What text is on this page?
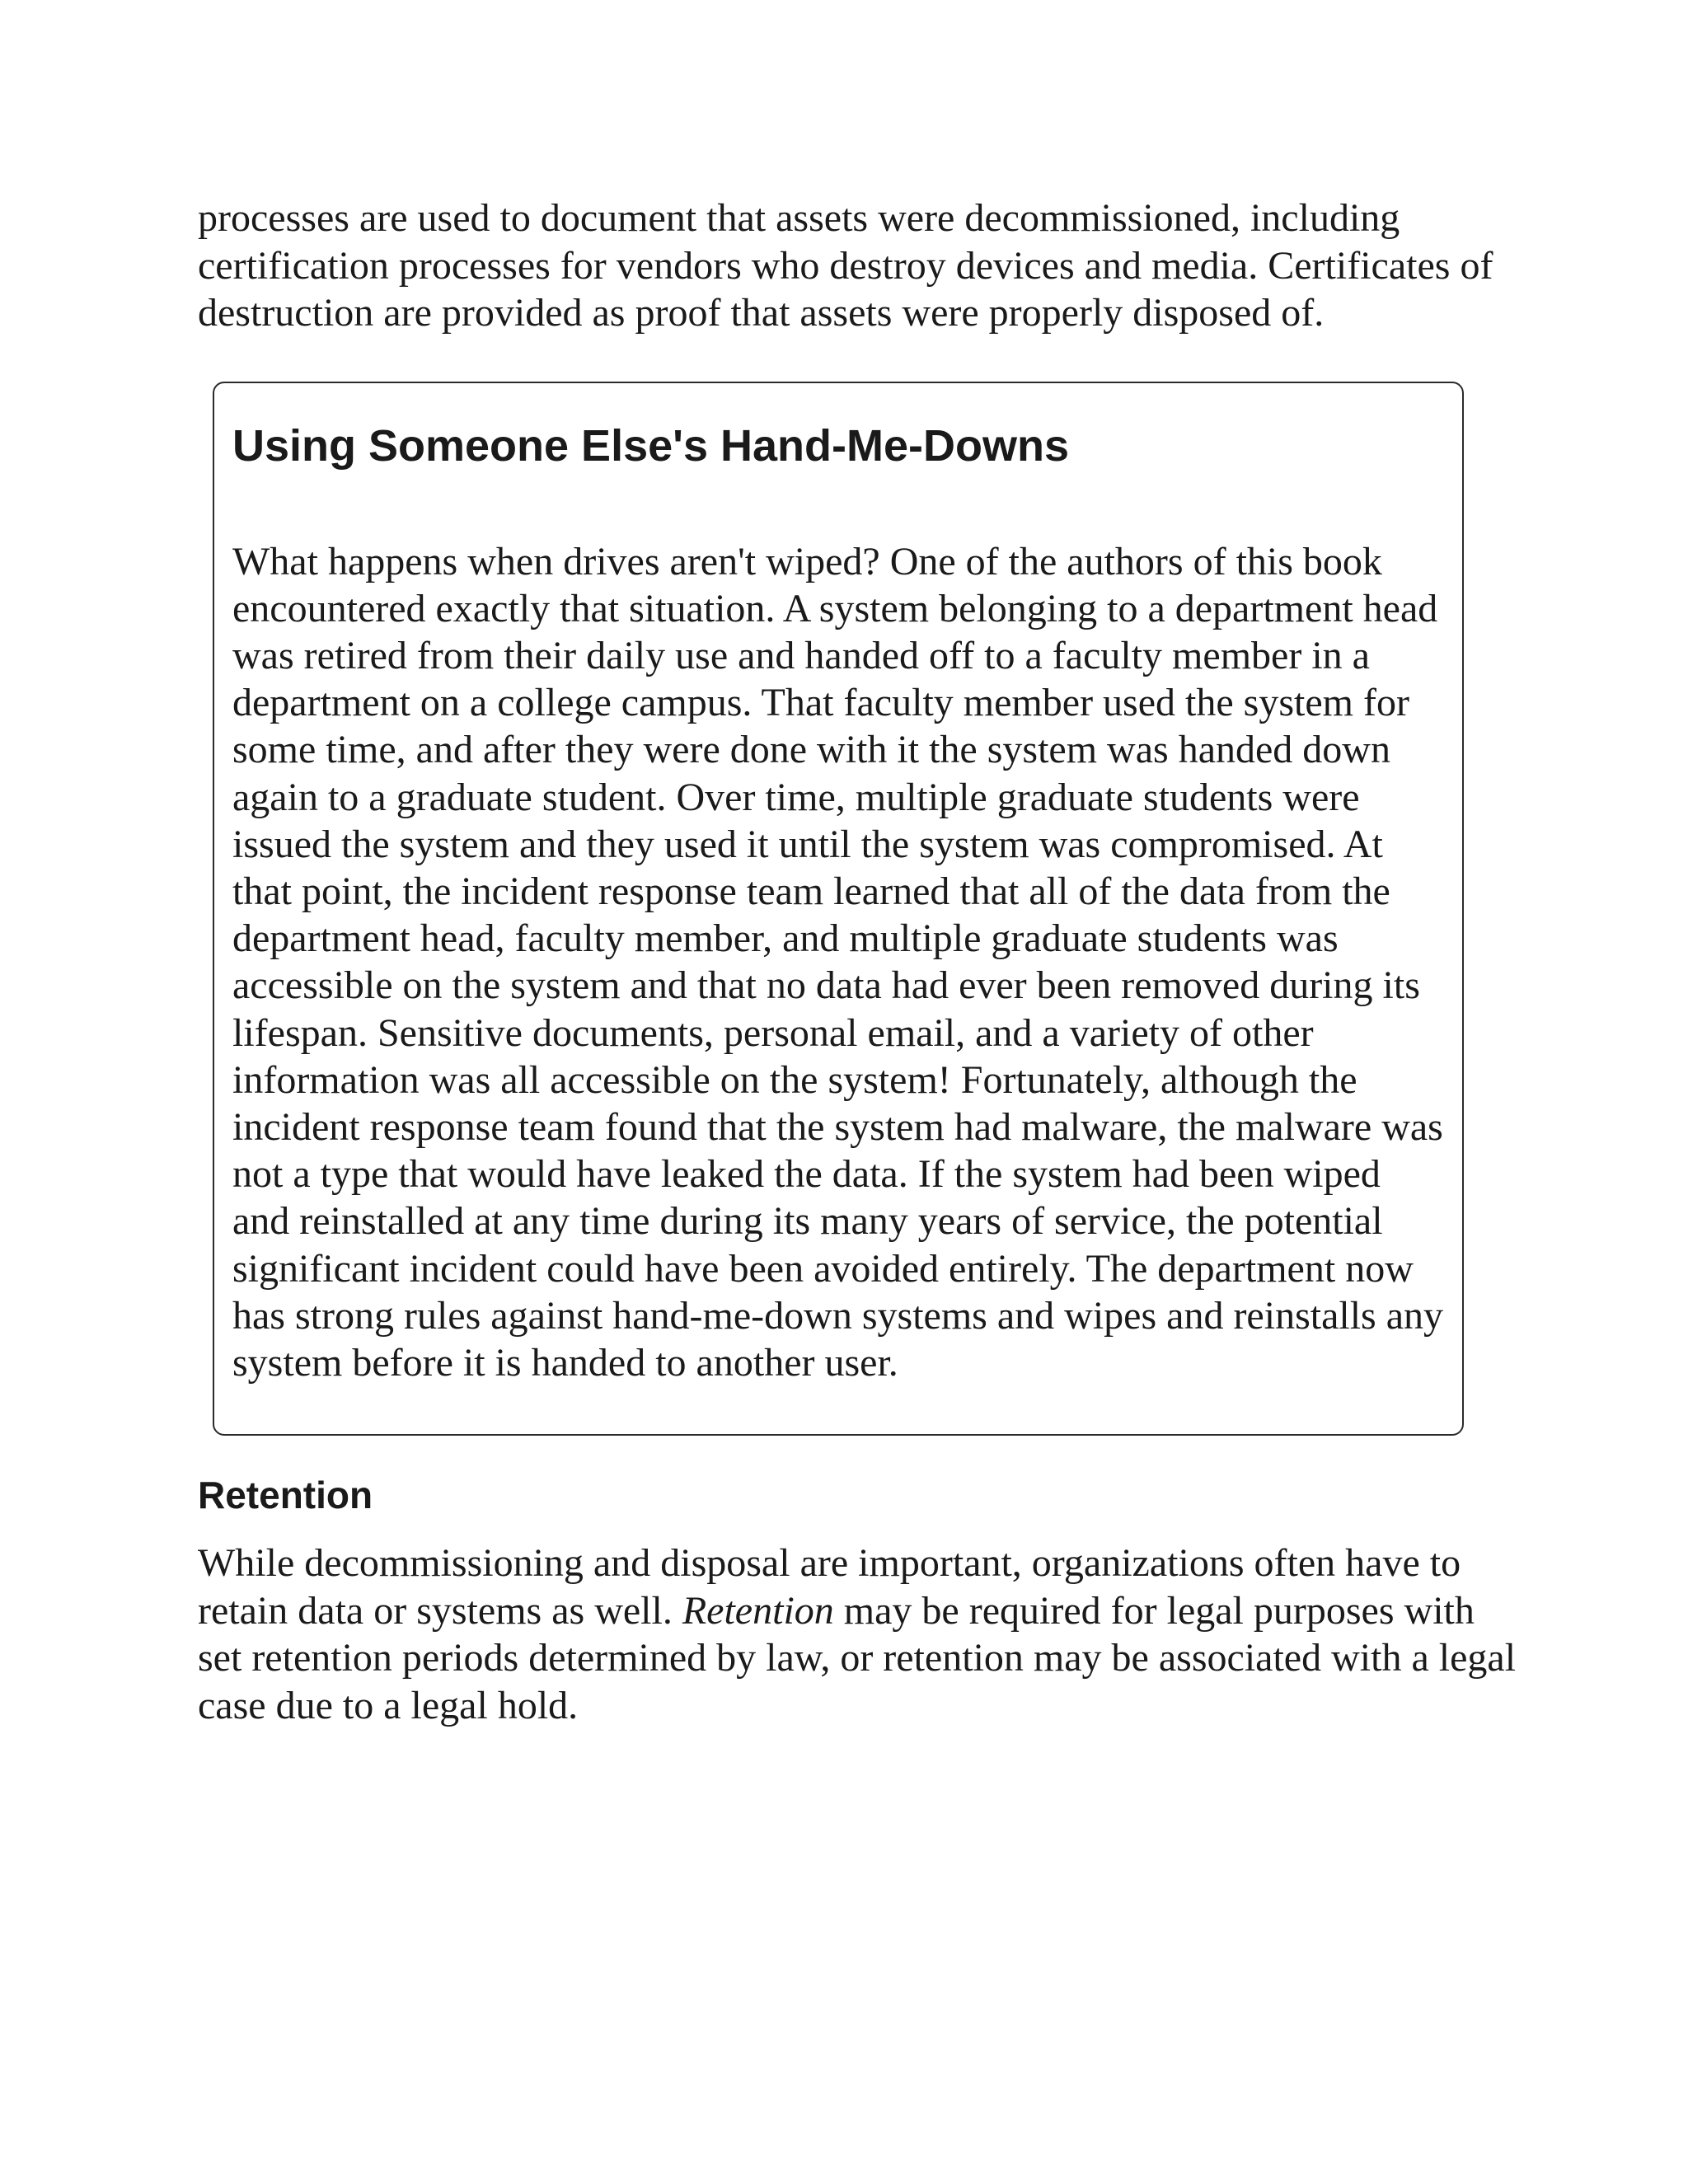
processes are used to document that assets were decommissioned, including certification processes for vendors who destroy devices and media. Certificates of destruction are provided as proof that assets were properly disposed of.

Using Someone Else's Hand-Me-Downs

What happens when drives aren't wiped? One of the authors of this book encountered exactly that situation. A system belonging to a department head was retired from their daily use and handed off to a faculty member in a department on a college campus. That faculty member used the system for some time, and after they were done with it the system was handed down again to a graduate student. Over time, multiple graduate students were issued the system and they used it until the system was compromised. At that point, the incident response team learned that all of the data from the department head, faculty member, and multiple graduate students was accessible on the system and that no data had ever been removed during its lifespan. Sensitive documents, personal email, and a variety of other information was all accessible on the system! Fortunately, although the incident response team found that the system had malware, the malware was not a type that would have leaked the data. If the system had been wiped and reinstalled at any time during its many years of service, the potential significant incident could have been avoided entirely. The department now has strong rules against hand-me-down systems and wipes and reinstalls any system before it is handed to another user.

Retention

While decommissioning and disposal are important, organizations often have to retain data or systems as well. Retention may be required for legal purposes with set retention periods determined by law, or retention may be associated with a legal case due to a legal hold.
